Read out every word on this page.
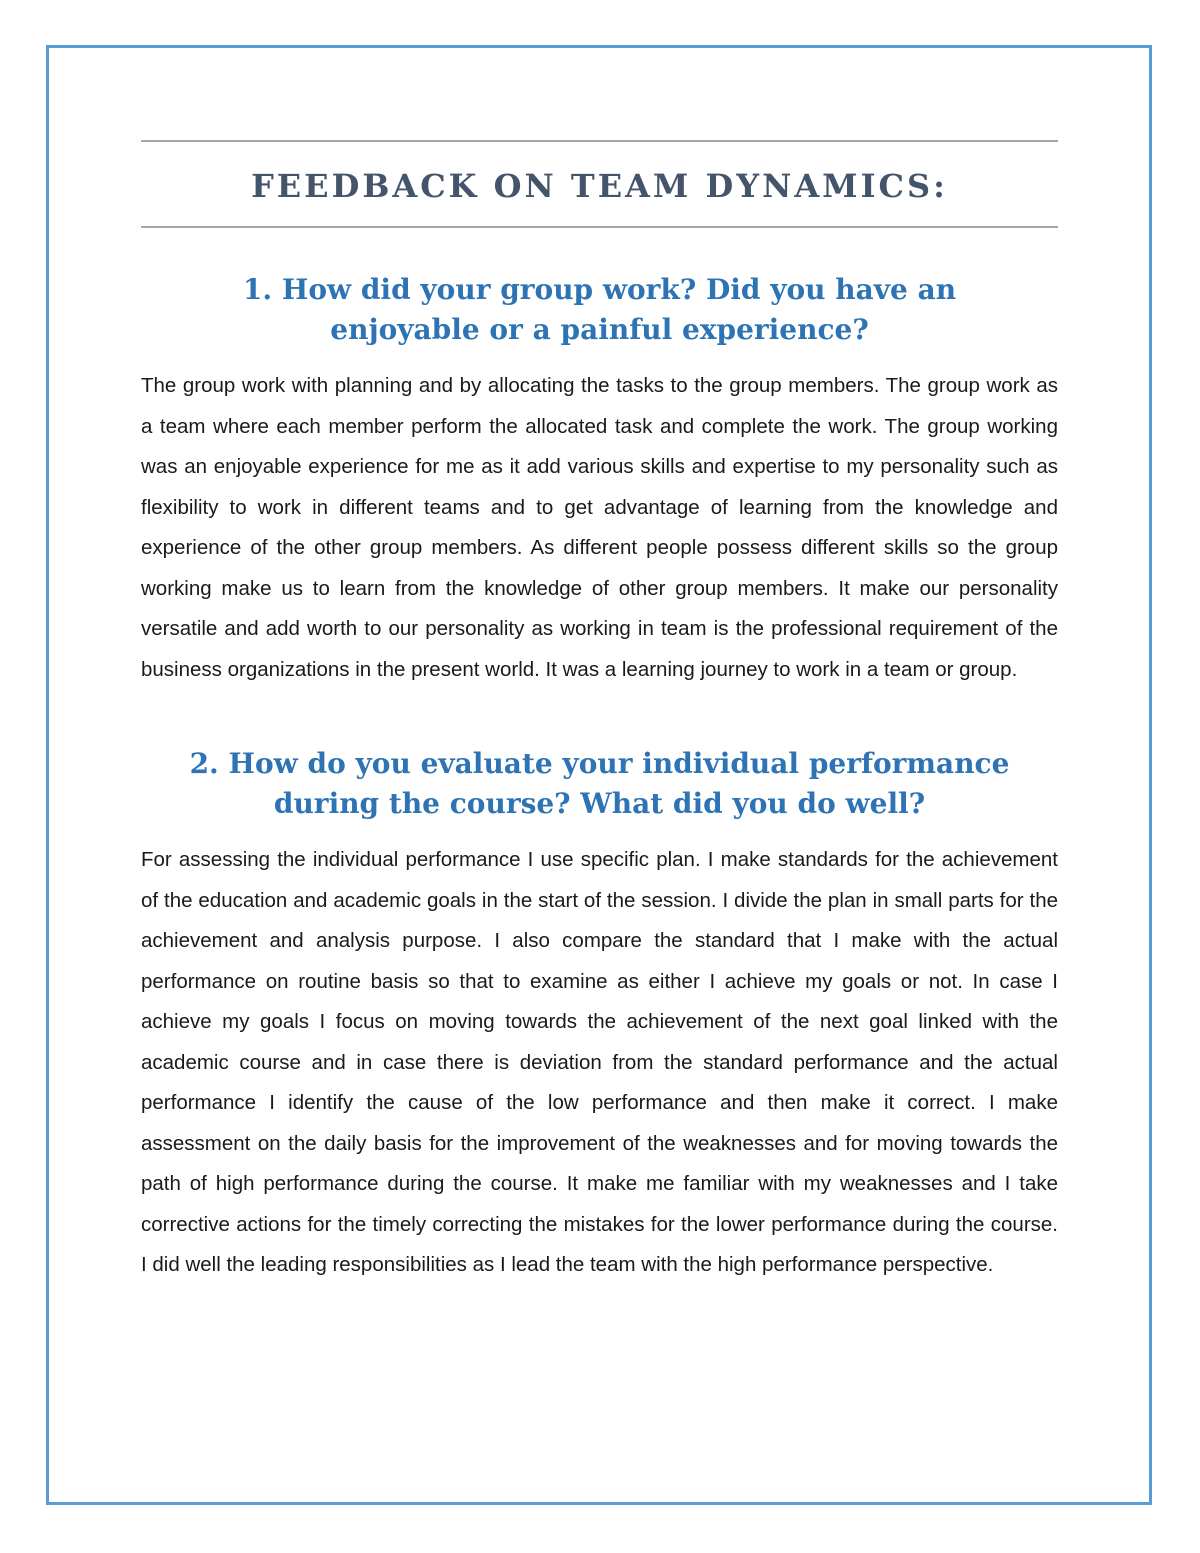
FEEDBACK ON TEAM DYNAMICS:
1. How did your group work? Did you have an
enjoyable or a painful experience?

The group work with planning and by allocating the tasks to the group members. The group work as a team where each member perform the allocated task and complete the work. The group working was an enjoyable experience for me as it add various skills and expertise to my personality such as flexibility to work in different teams and to get advantage of learning from the knowledge and experience of the other group members. As different people possess different skills so the group working make us to learn from the knowledge of other group members. It make our personality versatile and add worth to our personality as working in team is the professional requirement of the business organizations in the present world. It was a learning journey to work in a team or group.

2. How do you evaluate your individual performance
during the course? What did you do well?

For assessing the individual performance I use specific plan. I make standards for the achievement of the education and academic goals in the start of the session. I divide the plan in small parts for the achievement and analysis purpose. I also compare the standard that I make with the actual performance on routine basis so that to examine as either I achieve my goals or not. In case I achieve my goals I focus on moving towards the achievement of the next goal linked with the academic course and in case there is deviation from the standard performance and the actual performance I identify the cause of the low performance and then make it correct. I make assessment on the daily basis for the improvement of the weaknesses and for moving towards the path of high performance during the course. It make me familiar with my weaknesses and I take corrective actions for the timely correcting the mistakes for the lower performance during the course. I did well the leading responsibilities as I lead the team with the high performance perspective.
